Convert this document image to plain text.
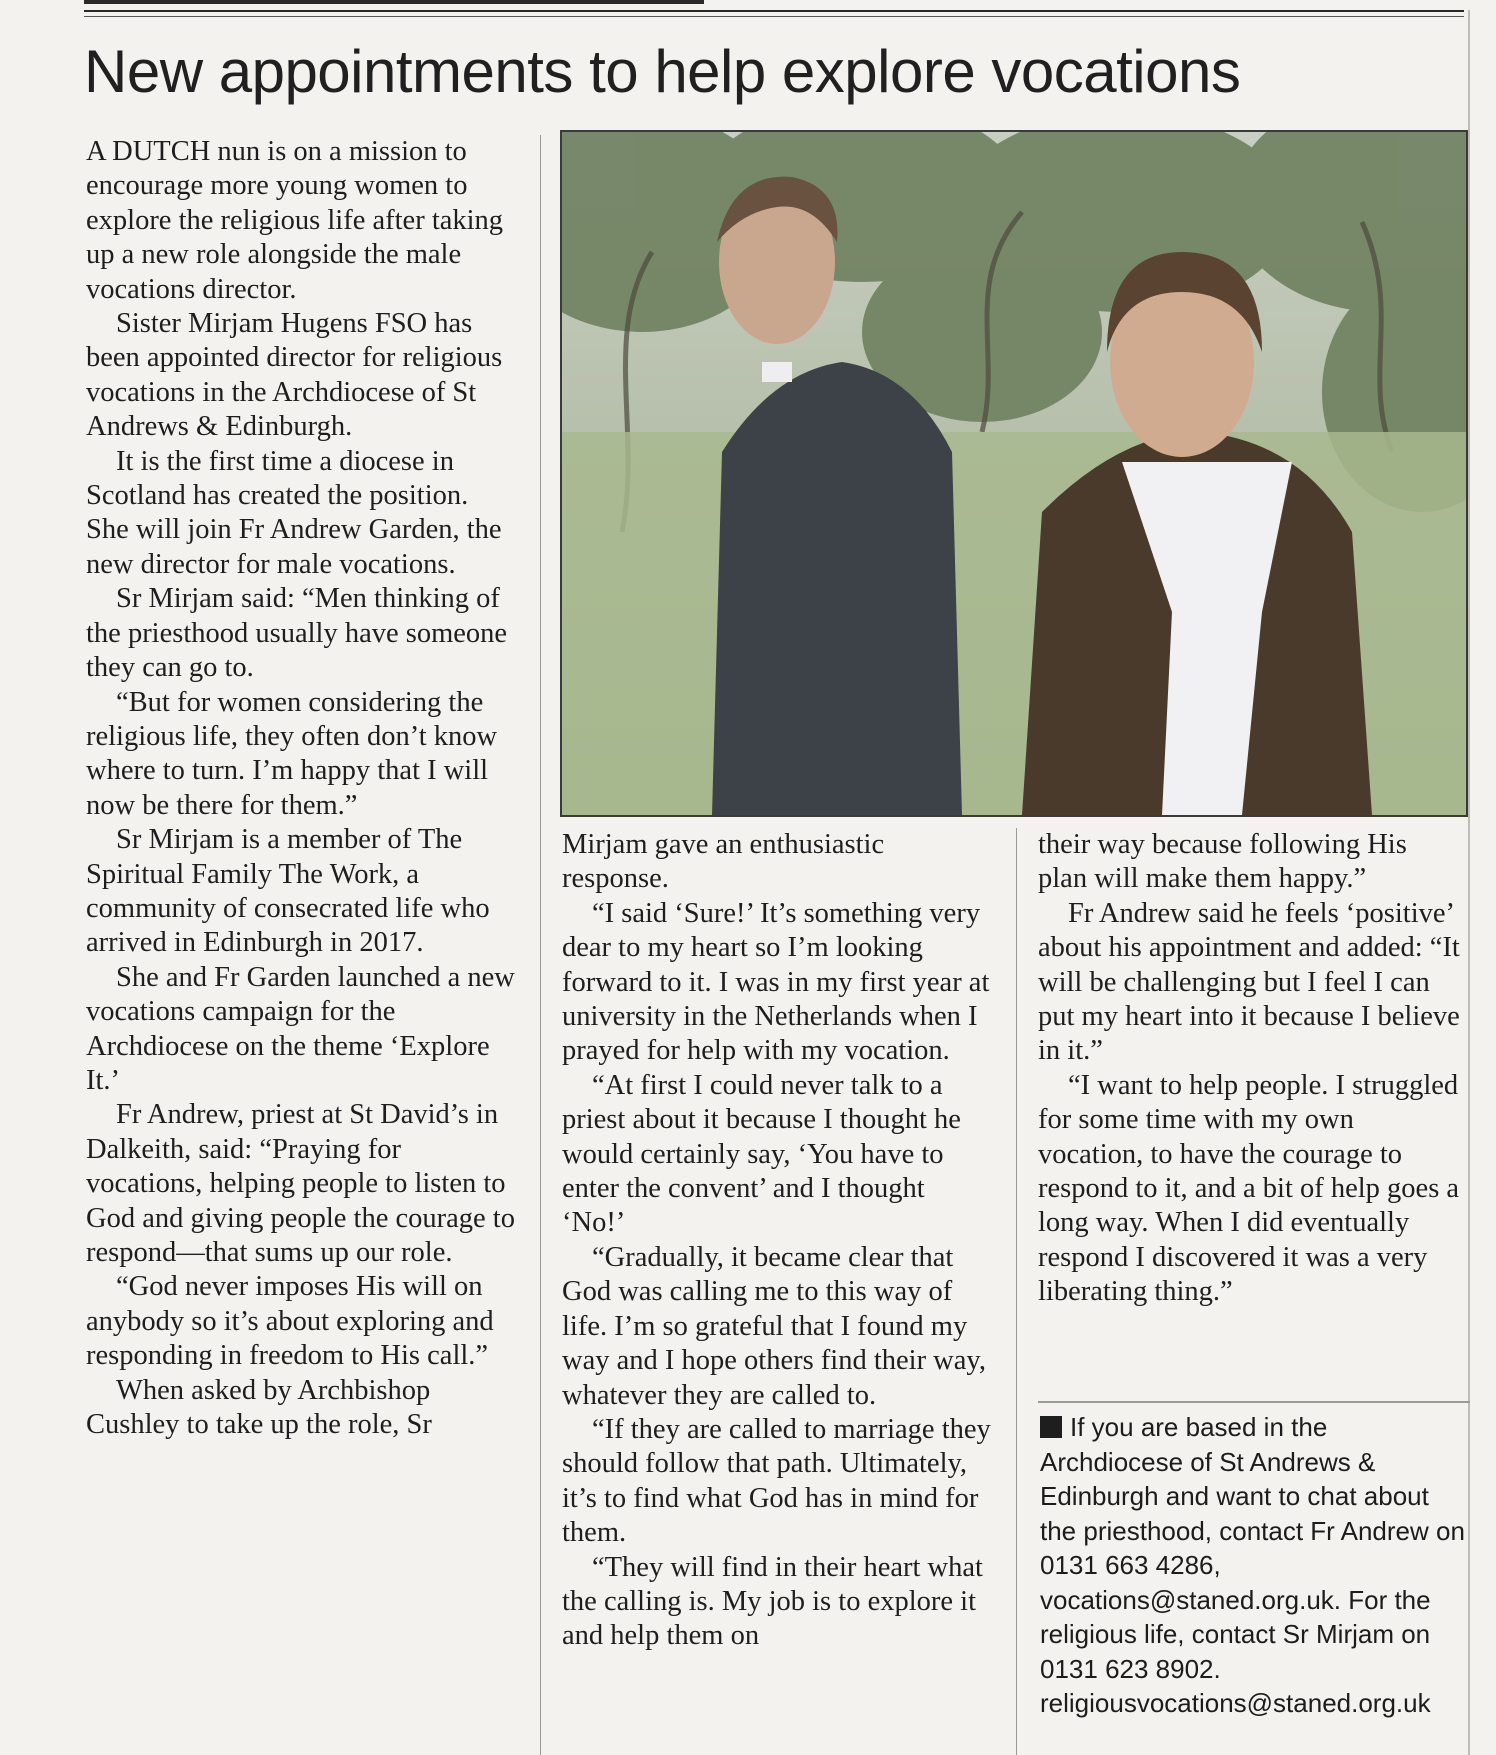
New appointments to help explore vocations

A DUTCH nun is on a mission to encourage more young women to explore the religious life after taking up a new role alongside the male vocations director.

Sister Mirjam Hugens FSO has been appointed director for religious vocations in the Archdiocese of St Andrews & Edinburgh.

It is the first time a diocese in Scotland has created the position. She will join Fr Andrew Garden, the new director for male vocations.

Sr Mirjam said: “Men thinking of the priesthood usually have someone they can go to.

“But for women considering the religious life, they often don’t know where to turn. I’m happy that I will now be there for them.”

Sr Mirjam is a member of The Spiritual Family The Work, a community of consecrated life who arrived in Edinburgh in 2017.

She and Fr Garden launched a new vocations campaign for the Archdiocese on the theme ‘Explore It.’

Fr Andrew, priest at St David’s in Dalkeith, said: “Praying for vocations, helping people to listen to God and giving people the courage to respond—that sums up our role.

“God never imposes His will on anybody so it’s about exploring and responding in freedom to His call.”

When asked by Archbishop Cushley to take up the role, Sr

Mirjam gave an enthusiastic response.

“I said ‘Sure!’ It’s something very dear to my heart so I’m looking forward to it. I was in my first year at university in the Netherlands when I prayed for help with my vocation.

“At first I could never talk to a priest about it because I thought he would certainly say, ‘You have to enter the convent’ and I thought ‘No!’

“Gradually, it became clear that God was calling me to this way of life. I’m so grateful that I found my way and I hope others find their way, whatever they are called to.

“If they are called to marriage they should follow that path. Ultimately, it’s to find what God has in mind for them.

“They will find in their heart what the calling is. My job is to explore it and help them on

their way because following His plan will make them happy.”

Fr Andrew said he feels ‘positive’ about his appointment and added: “It will be challenging but I feel I can put my heart into it because I believe in it.”

“I want to help people. I struggled for some time with my own vocation, to have the courage to respond to it, and a bit of help goes a long way. When I did eventually respond I discovered it was a very liberating thing.”

If you are based in the Archdiocese of St Andrews & Edinburgh and want to chat about the priesthood, contact Fr Andrew on 0131 663 4286, vocations@staned.org.uk. For the religious life, contact Sr Mirjam on 0131 623 8902. religiousvocations@staned.org.uk
